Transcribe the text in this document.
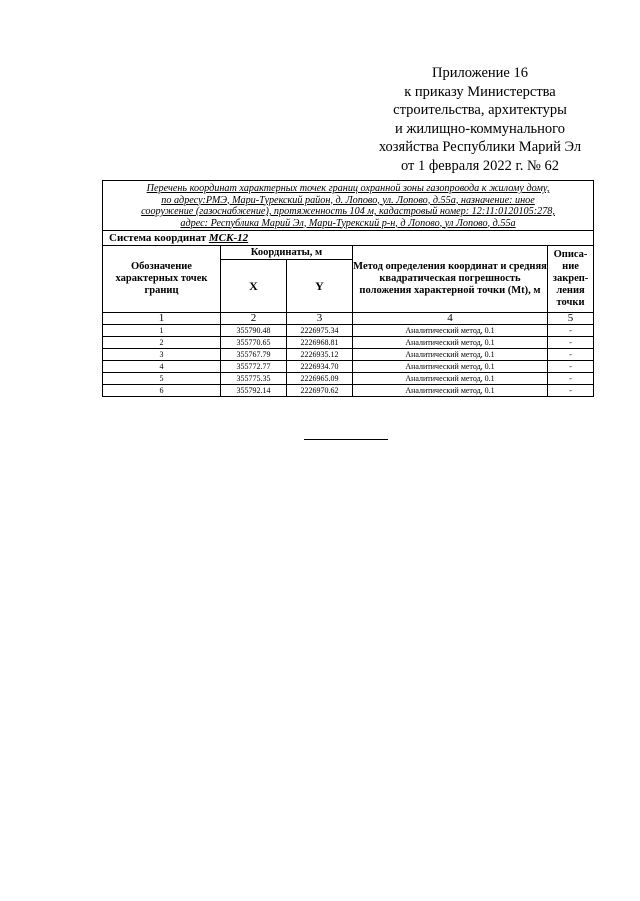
Приложение 16
к приказу Министерства
строительства, архитектуры
и жилищно-коммунального
хозяйства Республики Марий Эл
от 1 февраля 2022 г. № 62
Перечень координат характерных точек границ охранной зоны газопровода к жилому дому,
по адресу:РМЭ, Мари-Турекский район, д. Лопово, ул. Лопово, д.55а, назначение: иное
сооружение (газоснабжение), протяженность 104 м, кадастровый номер: 12:11:0120105:278,
адрес: Республика Марий Эл, Мари-Турекский р-н, д Лопово, ул Лопово, д.55а				
Система координат МСК-12				
Обозначение характерных точек границ	Координаты, м		Метод определения координат и средняя квадратическая погрешность положения характерной точки (Mt), м	Описа-ние закреп-ления точки
	X	Y		
1	2	3	4	5
1	355790.48	2226975.34	Аналитический метод, 0.1	-
2	355770.65	2226968.81	Аналитический метод, 0.1	-
3	355767.79	2226935.12	Аналитический метод, 0.1	-
4	355772.77	2226934.70	Аналитический метод, 0.1	-
5	355775.35	2226965.09	Аналитический метод, 0.1	-
6	355792.14	2226970.62	Аналитический метод, 0.1	-
